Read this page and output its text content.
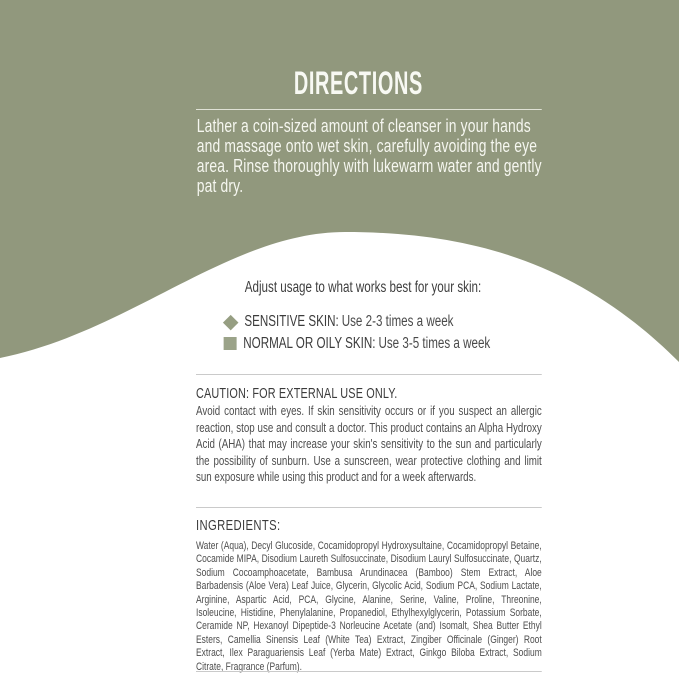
DIRECTIONS
Lather a coin-sized amount of cleanser in your hands and massage onto wet skin, carefully avoiding the eye area. Rinse thoroughly with lukewarm water and gently pat dry.
Adjust usage to what works best for your skin:
SENSITIVE SKIN: Use 2-3 times a week
NORMAL OR OILY SKIN: Use 3-5 times a week
CAUTION: FOR EXTERNAL USE ONLY.
Avoid contact with eyes. If skin sensitivity occurs or if you suspect an allergic reaction, stop use and consult a doctor. This product contains an Alpha Hydroxy Acid (AHA) that may increase your skin's sensitivity to the sun and particularly the possibility of sunburn. Use a sunscreen, wear protective clothing and limit sun exposure while using this product and for a week afterwards.
INGREDIENTS:
Water (Aqua), Decyl Glucoside, Cocamidopropyl Hydroxysultaine, Cocamidopropyl Betaine, Cocamide MIPA, Disodium Laureth Sulfosuccinate, Disodium Lauryl Sulfosuccinate, Quartz, Sodium Cocoamphoacetate, Bambusa Arundinacea (Bamboo) Stem Extract, Aloe Barbadensis (Aloe Vera) Leaf Juice, Glycerin, Glycolic Acid, Sodium PCA, Sodium Lactate, Arginine, Aspartic Acid, PCA, Glycine, Alanine, Serine, Valine, Proline, Threonine, Isoleucine, Histidine, Phenylalanine, Propanediol, Ethylhexylglycerin, Potassium Sorbate, Ceramide NP, Hexanoyl Dipeptide-3 Norleucine Acetate (and) Isomalt, Shea Butter Ethyl Esters, Camellia Sinensis Leaf (White Tea) Extract, Zingiber Officinale (Ginger) Root Extract, Ilex Paraguariensis Leaf (Yerba Mate) Extract, Ginkgo Biloba Extract, Sodium Citrate, Fragrance (Parfum).
